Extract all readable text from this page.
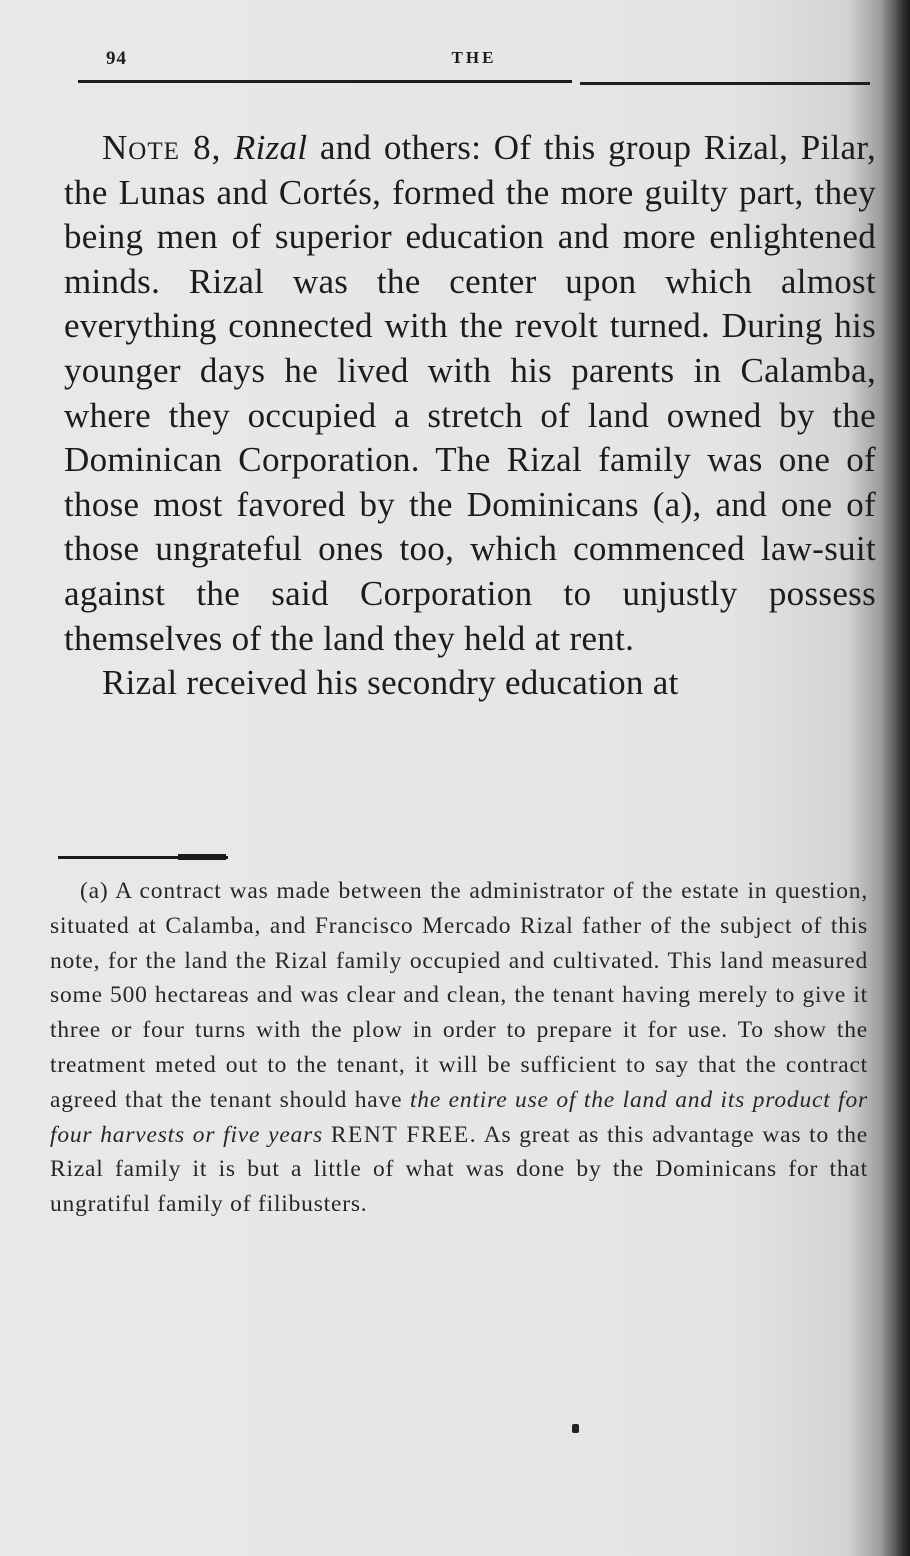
94	THE

Note 8, Rizal and others: Of this group Rizal, Pilar, the Lunas and Cortés, formed the more guilty part, they being men of superior education and more enlightened minds. Rizal was the center upon which almost everything connected with the revolt turned. During his younger days he lived with his parents in Calamba, where they occupied a stretch of land owned by the Dominican Corporation. The Rizal family was one of those most favored by the Dominicans (a), and one of those ungrateful ones too, which commenced law-suit against the said Corporation to unjustly possess themselves of the land they held at rent.

Rizal received his secondry education at

(a) A contract was made between the administrator of the estate in question, situated at Calamba, and Francisco Mercado Rizal father of the subject of this note, for the land the Rizal family occupied and cultivated. This land measured some 500 hectareas and was clear and clean, the tenant having merely to give it three or four turns with the plow in order to prepare it for use. To show the treatment meted out to the tenant, it will be sufficient to say that the contract agreed that the tenant should have the entire use of the land and its product for four harvests or five years RENT FREE. As great as this advantage was to the Rizal family it is but a little of what was done by the Dominicans for that ungratiful family of filibusters.
